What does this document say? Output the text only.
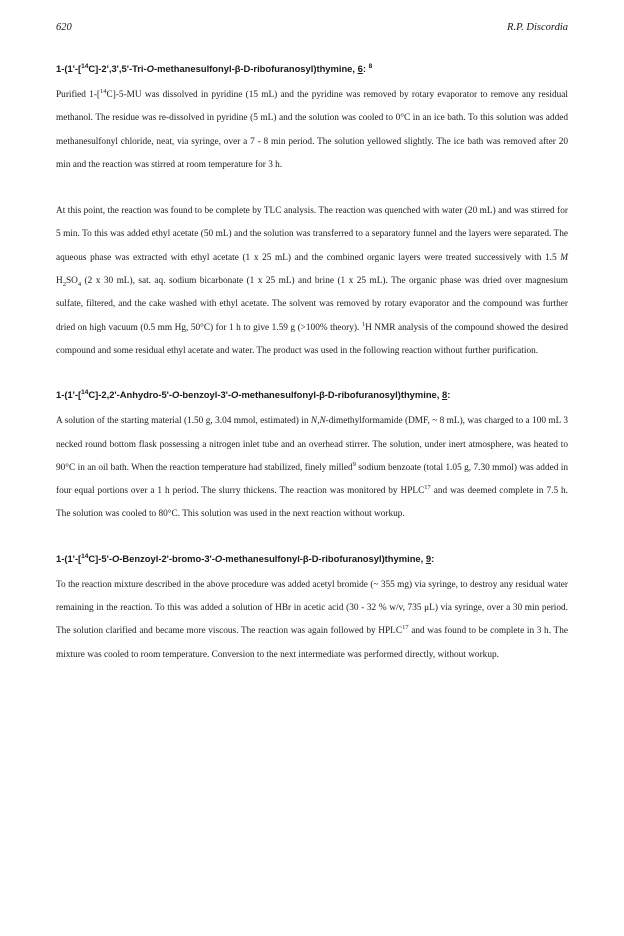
620	R.P. Discordia
1-(1'-[$^{14}$C]-2',3',5'-Tri-O-methanesulfonyl-β-D-ribofuranosyl)thymine, 6: $^8$

Purified 1-[$^{14}$C]-5-MU was dissolved in pyridine (15 mL) and the pyridine was removed by rotary evaporator to remove any residual methanol. The residue was re-dissolved in pyridine (5 mL) and the solution was cooled to 0°C in an ice bath. To this solution was added methanesulfonyl chloride, neat, via syringe, over a 7 - 8 min period. The solution yellowed slightly. The ice bath was removed after 20 min and the reaction was stirred at room temperature for 3 h.

At this point, the reaction was found to be complete by TLC analysis. The reaction was quenched with water (20 mL) and was stirred for 5 min. To this was added ethyl acetate (50 mL) and the solution was transferred to a separatory funnel and the layers were separated. The aqueous phase was extracted with ethyl acetate (1 x 25 mL) and the combined organic layers were treated successively with 1.5 M $H_2SO_4$ (2 x 30 mL), sat. aq. sodium bicarbonate (1 x 25 mL) and brine (1 x 25 mL). The organic phase was dried over magnesium sulfate, filtered, and the cake washed with ethyl acetate. The solvent was removed by rotary evaporator and the compound was further dried on high vacuum (0.5 mm Hg, 50°C) for 1 h to give 1.59 g (>100% theory). $^1$H NMR analysis of the compound showed the desired compound and some residual ethyl acetate and water. The product was used in the following reaction without further purification.

1-(1'-[$^{14}$C]-2,2'-Anhydro-5'-O-benzoyl-3'-O-methanesulfonyl-β-D-ribofuranosyl)thymine, 8:

A solution of the starting material (1.50 g, 3.04 mmol, estimated) in N,N-dimethylformamide (DMF, ~ 8 mL), was charged to a 100 mL 3 necked round bottom flask possessing a nitrogen inlet tube and an overhead stirrer. The solution, under inert atmosphere, was heated to 90°C in an oil bath. When the reaction temperature had stabilized, finely milled$^9$ sodium benzoate (total 1.05 g, 7.30 mmol) was added in four equal portions over a 1 h period. The slurry thickens. The reaction was monitored by HPLC$^{17}$ and was deemed complete in 7.5 h. The solution was cooled to 80°C. This solution was used in the next reaction without workup.

1-(1'-[$^{14}$C]-5'-O-Benzoyl-2'-bromo-3'-O-methanesulfonyl-β-D-ribofuranosyl)thymine, 9:

To the reaction mixture described in the above procedure was added acetyl bromide (~ 355 mg) via syringe, to destroy any residual water remaining in the reaction. To this was added a solution of HBr in acetic acid (30 - 32 % w/v, 735 μL) via syringe, over a 30 min period. The solution clarified and became more viscous. The reaction was again followed by HPLC$^{17}$ and was found to be complete in 3 h. The mixture was cooled to room temperature. Conversion to the next intermediate was performed directly, without workup.
